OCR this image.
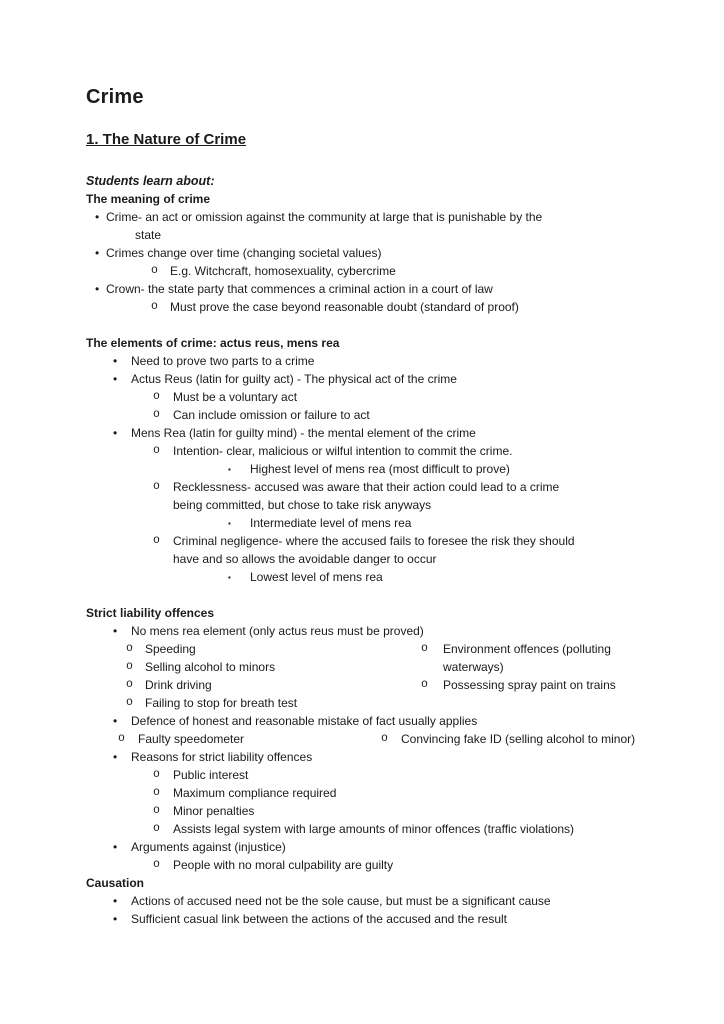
Crime
1. The Nature of Crime
Students learn about:
The meaning of crime
• Crime- an act or omission against the community at large that is punishable by the
state
• Crimes change over time (changing societal values)
o E.g. Witchcraft, homosexuality, cybercrime
• Crown- the state party that commences a criminal action in a court of law
o Must prove the case beyond reasonable doubt (standard of proof)
The elements of crime: actus reus, mens rea
• Need to prove two parts to a crime
• Actus Reus (latin for guilty act) - The physical act of the crime
o Must be a voluntary act
o Can include omission or failure to act
• Mens Rea (latin for guilty mind) - the mental element of the crime
o Intention- clear, malicious or wilful intention to commit the crime.
▪ Highest level of mens rea (most difficult to prove)
o Recklessness- accused was aware that their action could lead to a crime
being committed, but chose to take risk anyways
▪ Intermediate level of mens rea
o Criminal negligence- where the accused fails to foresee the risk they should
have and so allows the avoidable danger to occur
▪ Lowest level of mens rea
Strict liability offences
• No mens rea element (only actus reus must be proved)
o Speeding
o Selling alcohol to minors
o Drink driving
o Failing to stop for breath test
o Environment offences (polluting
waterways)
o Possessing spray paint on trains
• Defence of honest and reasonable mistake of fact usually applies
o Faulty speedometer	o Convincing fake ID (selling alcohol to minor)
• Reasons for strict liability offences
o Public interest
o Maximum compliance required
o Minor penalties
o Assists legal system with large amounts of minor offences (traffic violations)
• Arguments against (injustice)
o People with no moral culpability are guilty
Causation
• Actions of accused need not be the sole cause, but must be a significant cause
• Sufficient casual link between the actions of the accused and the result
